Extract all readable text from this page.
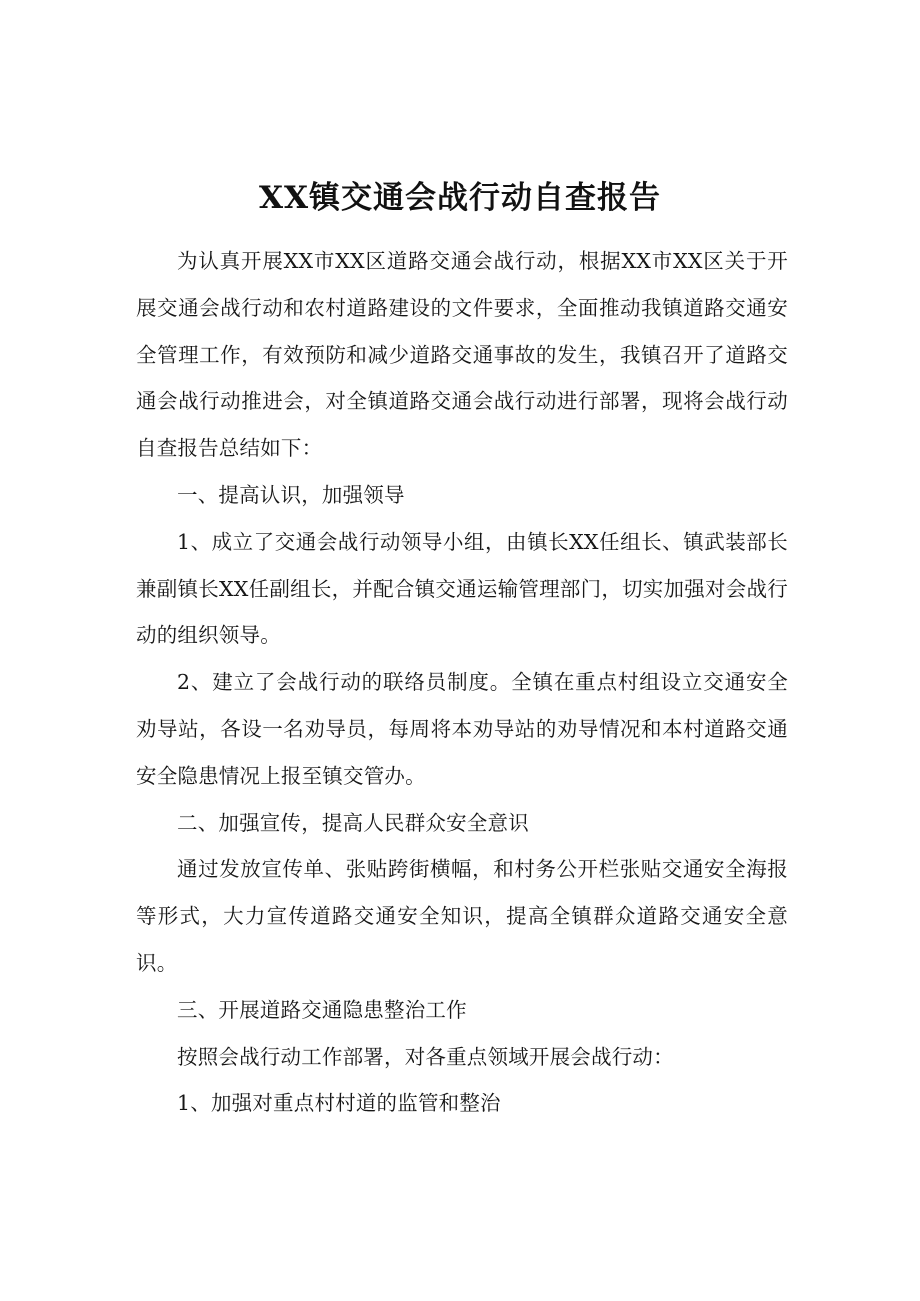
XX镇交通会战行动自查报告

为认真开展XX市XX区道路交通会战行动，根据XX市XX区关于开展交通会战行动和农村道路建设的文件要求，全面推动我镇道路交通安全管理工作，有效预防和减少道路交通事故的发生，我镇召开了道路交通会战行动推进会，对全镇道路交通会战行动进行部署，现将会战行动自查报告总结如下：

一、提高认识，加强领导

1、成立了交通会战行动领导小组，由镇长XX任组长、镇武装部长兼副镇长XX任副组长，并配合镇交通运输管理部门，切实加强对会战行动的组织领导。

2、建立了会战行动的联络员制度。全镇在重点村组设立交通安全劝导站，各设一名劝导员，每周将本劝导站的劝导情况和本村道路交通安全隐患情况上报至镇交管办。

二、加强宣传，提高人民群众安全意识

通过发放宣传单、张贴跨街横幅，和村务公开栏张贴交通安全海报等形式，大力宣传道路交通安全知识，提高全镇群众道路交通安全意识。

三、开展道路交通隐患整治工作

按照会战行动工作部署，对各重点领域开展会战行动：

1、加强对重点村村道的监管和整治
